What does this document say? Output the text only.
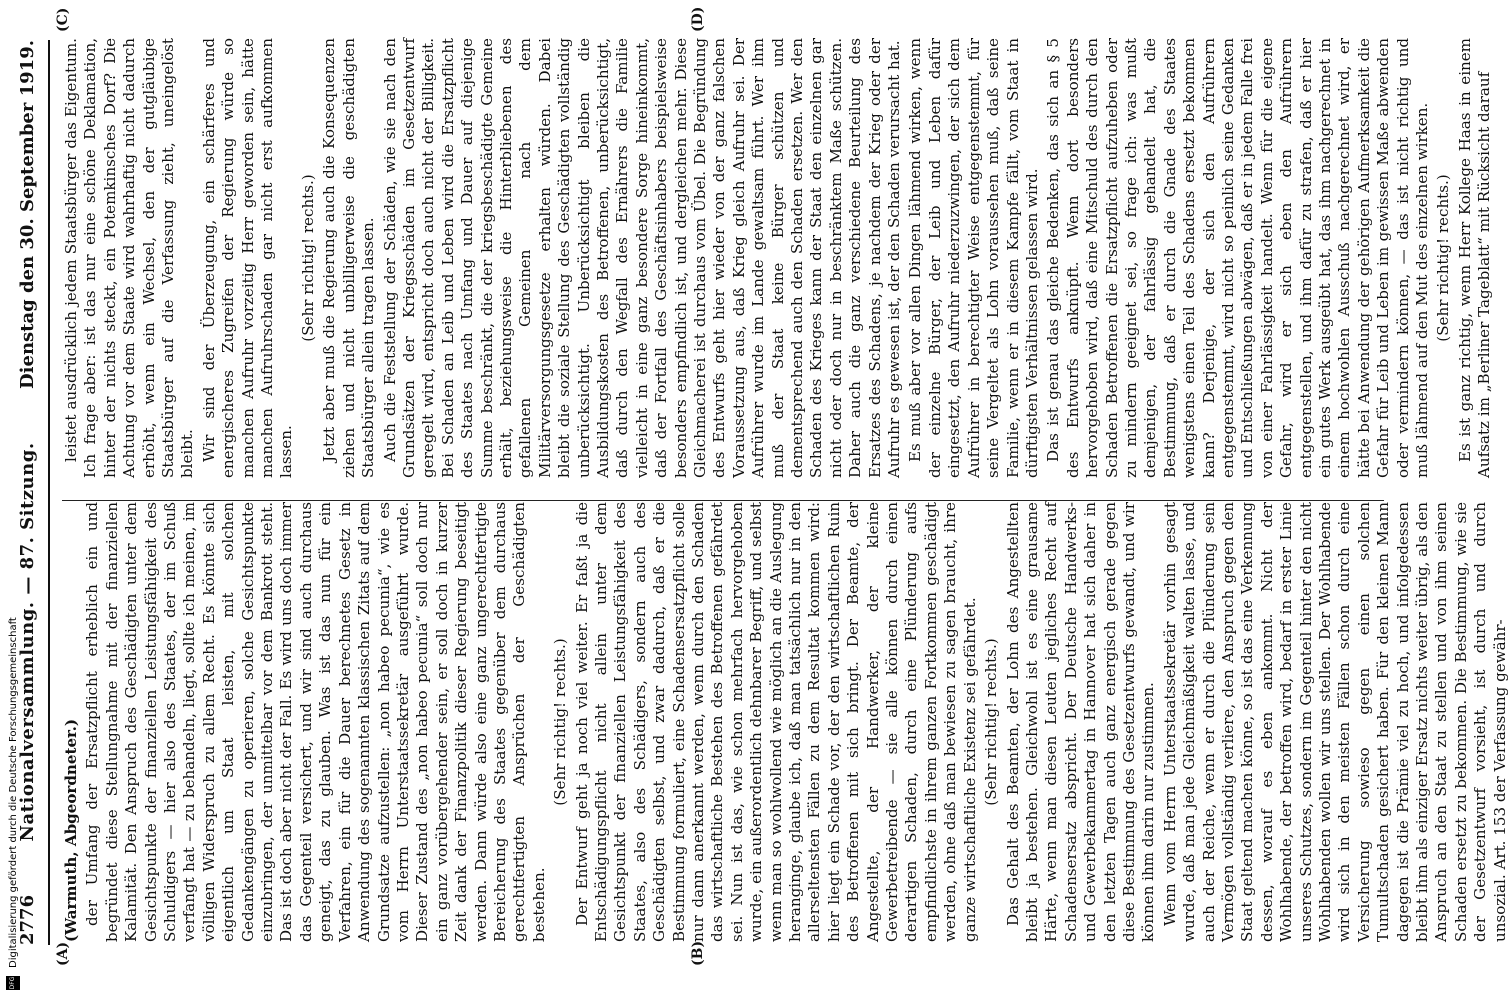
2776
Nationalversammlung. — 87. Sitzung.
Dienstag den 30. September 1919.
(A)	(B)
(C)	(D)

(Warmuth, Abgeordneter.) der Umfang der Ersatzpflicht erheblich ein und begründet diese Stellungnahme mit der finanziellen Kalamität. Den Anspruch des Geschädigten unter dem Gesichtspunkte der finanziellen Leistungsfähigkeit des Schuldigers — hier also des Staates, der im Schuß verfangt hat — zu behandeln, liegt, sollte ich meinen, im völligen Widerspruch zu allem Recht. Es könnte sich eigentlich um Staat leisten, mit solchen Gedankengängen zu operieren, solche Gesichtspunkte einzubringen, der unmittelbar vor dem Bankrott steht. Das ist doch aber nicht der Fall. Es wird uns doch immer das Gegenteil versichert, und wir sind auch durchaus geneigt, das zu glauben. Was ist das nun für ein Verfahren, ein für die Dauer berechnetes Gesetz in Anwendung des sogenannten klassischen Zitats auf dem Grundsatze aufzustellen: „non habeo pecunia“, wie es vom Herrn Unterstaatssekretär ausgeführt wurde. Dieser Zustand des „non habeo pecunia“ soll doch nur ein ganz vorübergehender sein, er soll doch in kurzer Zeit dank der Finanzpolitik dieser Regierung beseitigt werden. Dann würde also eine ganz ungerechtfertigte Bereicherung des Staates gegenüber dem durchaus gerechtfertigten Ansprüchen der Geschädigten bestehen.

(Sehr richtig! rechts.) Der Entwurf geht ja noch viel weiter. Er faßt ja die Entschädigungspflicht nicht allein unter dem Gesichtspunkt der finanziellen Leistungsfähigkeit des Staates, also des Schädigers, sondern auch des Geschädigten selbst, und zwar dadurch, daß er die Bestimmung formuliert, eine Schadensersatzpflicht solle nur dann anerkannt werden, wenn durch den Schaden das wirtschaftliche Bestehen des Betroffenen gefährdet sei. Nun ist das, wie schon mehrfach hervorgehoben wurde, ein außerordentlich dehnbarer Begriff, und selbst wenn man so wohlwollend wie möglich an die Auslegung heranginge, glaube ich, daß man tatsächlich nur in den allerseltensten Fällen zu dem Resultat kommen wird: hier liegt ein Schade vor, der den wirtschaftlichen Ruin des Betroffenen mit sich bringt. Der Beamte, der Angestellte, der Handwerker, der kleine Gewerbetreibende — sie alle können durch einen derartigen Schaden, durch eine Plünderung aufs empfindlichste in ihrem ganzen Fortkommen geschädigt werden, ohne daß man bewiesen zu sagen braucht, ihre ganze wirtschaftliche Existenz sei gefährdet. (Sehr richtig! rechts.) Das Gehalt des Beamten, der Lohn des Angestellten bleibt ja bestehen. Gleichwohl ist es eine grausame Härte, wenn man diesen Leuten jegliches Recht auf Schadensersatz abspricht. Der Deutsche Handwerks- und Gewerbekammertag in Hannover hat sich daher in den letzten Tagen auch ganz energisch gerade gegen diese Bestimmung des Gesetzentwurfs gewandt, und wir können ihm darin nur zustimmen. Wenn vom Herrn Unterstaatssekretär vorhin gesagt wurde, daß man jede Gleichmäßigkeit walten lasse, und auch der Reiche, wenn er durch die Plünderung sein Vermögen vollständig verliere, den Anspruch gegen den Staat geltend machen könne, so ist das eine Verkennung dessen, worauf es eben ankommt. Nicht der Wohlhabende, der betroffen wird, bedarf in erster Linie unseres Schutzes, sondern im Gegenteil hinter den nicht Wohlhabenden wollen wir uns stellen. Der Wohlhabende wird sich in den meisten Fällen schon durch eine Versicherung sowieso gegen einen solchen Tumultschaden gesichert haben. Für den kleinen Mann dagegen ist die Prämie viel zu hoch, und infolgedessen bleibt ihm als einziger Ersatz nichts weiter übrig, als den Anspruch an den Staat zu stellen und von ihm seinen Schaden ersetzt zu bekommen. Die Bestimmung, wie sie der Gesetzentwurf vorsieht, ist durch und durch unsozial. Art. 153 der Verfassung gewähr-

leistet ausdrücklich jedem Staatsbürger das Eigentum. Ich frage aber: ist das nur eine schöne Deklamation, hinter der nichts steckt, ein Potemkinsches Dorf? Die Achtung vor dem Staate wird wahrhaftig nicht dadurch erhöht, wenn ein Wechsel, den der gutgläubige Staatsbürger auf die Verfassung zieht, uneingelöst bleibt. Wir sind der Überzeugung, ein schärferes und energischeres Zugreifen der Regierung würde so manchen Aufruhr vorzeitig Herr geworden sein, hätte manchen Aufruhrschaden gar nicht erst aufkommen lassen.

(Sehr richtig! rechts.) Jetzt aber muß die Regierung auch die Konsequenzen ziehen und nicht unbilligerweise die geschädigten Staatsbürger allein tragen lassen. Auch die Feststellung der Schäden, wie sie nach den Grundsätzen der Kriegsschäden im Gesetzentwurf geregelt wird, entspricht doch auch nicht der Billigkeit. Bei Schaden an Leib und Leben wird die Ersatzpflicht des Staates nach Umfang und Dauer auf diejenige Summe beschränkt, die der kriegsbeschädigte Gemeine erhält, beziehungsweise die Hinterbliebenen des gefallenen Gemeinen nach dem Militärversorgungsgesetze erhalten würden. Dabei bleibt die soziale Stellung des Geschädigten vollständig unberücksichtigt. Unberücksichtigt bleiben die Ausbildungskosten des Betroffenen, unberücksichtigt, daß durch den Wegfall des Ernährers die Familie vielleicht in eine ganz besondere Sorge hineinkommt, daß der Fortfall des Geschäftsinhabers beispielsweise besonders empfindlich ist, und dergleichen mehr. Diese Gleichmacherei ist durchaus vom Übel. Die Begründung des Entwurfs geht hier wieder von der ganz falschen Voraussetzung aus, daß Krieg gleich Aufruhr sei. Der Aufrührer wurde im Lande gewaltsam führt. Wer ihm muß der Staat keine Bürger schützen und dementsprechend auch den Schaden ersetzen. Wer den Schaden des Krieges kann der Staat den einzelnen gar nicht oder doch nur in beschränktem Maße schützen. Daher auch die ganz verschiedene Beurteilung des Ersatzes des Schadens, je nachdem der Krieg oder der Aufruhr es gewesen ist, der den Schaden verursacht hat. Es muß aber vor allen Dingen lähmend wirken, wenn der einzelne Bürger, der Leib und Leben dafür eingesetzt, den Aufruhr niederzuzwingen, der sich dem Aufrührer in berechtigter Weise entgegenstemmt, für seine Vergeltet als Lohn voraussehen muß, daß seine Familie, wenn er in diesem Kampfe fällt, vom Staat in dürftigsten Verhältnissen gelassen wird. Das ist genau das gleiche Bedenken, das sich an § 5 des Entwurfs anknüpft. Wenn dort besonders hervorgehoben wird, daß eine Mitschuld des durch den Schaden Betroffenen die Ersatzpflicht aufzuheben oder zu mindern geeignet sei, so frage ich: was mußt demjenigen, der fahrlässig gehandelt hat, die Bestimmung, daß er durch die Gnade des Staates wenigstens einen Teil des Schadens ersetzt bekommen kann? Derjenige, der sich den Aufrührern entgegenstemmt, wird nicht so peinlich seine Gedanken und Entschließungen abwägen, daß er in jedem Falle frei von einer Fahrlässigkeit handelt. Wenn für die eigene Gefahr, wird er sich eben den Aufrührern entgegenstellen, und ihm dafür zu strafen, daß er hier ein gutes Werk ausgeübt hat, das ihm nachgerechnet in einem hochwohlen Ausschuß nachgerechnet wird, er hätte bei Anwendung der gehörigen Aufmerksamkeit die Gefahr für Leib und Leben im gewissen Maße abwenden oder vermindern können, — das ist nicht richtig und muß lähmend auf den Mut des einzelnen wirken. (Sehr richtig! rechts.) Es ist ganz richtig, wenn Herr Kollege Haas in einem Aufsatz im „Berliner Tageblatt“ mit Rücksicht darauf

Digitalisierung gefördert durch die Deutsche Forschungsgemeinschaft
DFG
